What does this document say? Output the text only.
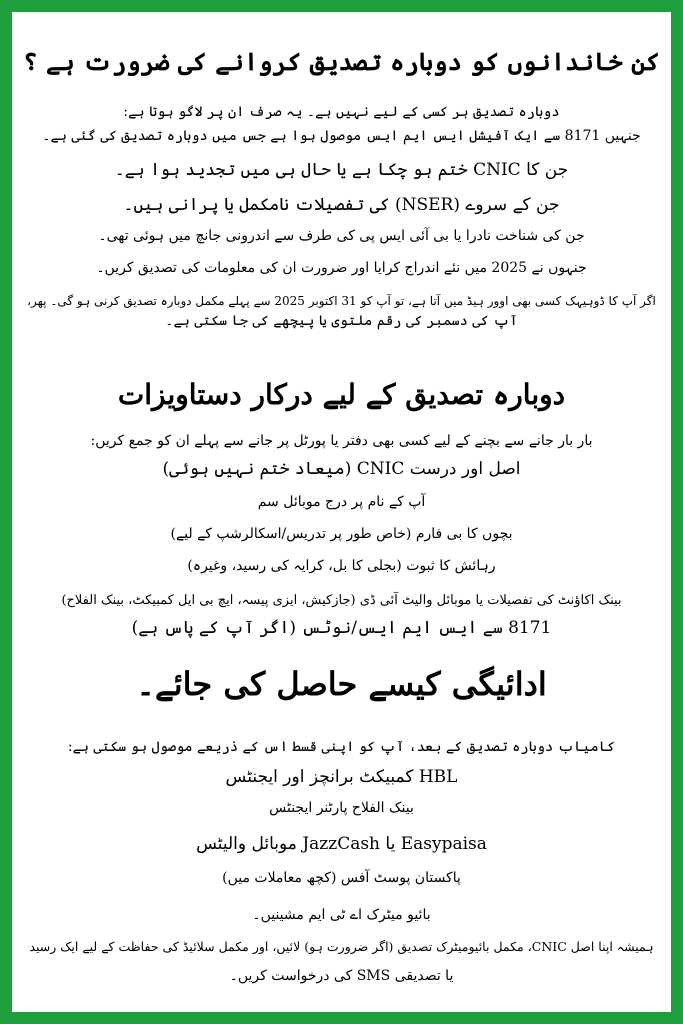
کن خاندانوں کو دوبارہ تصدیق کروانے کی ضرورت ہے ؟
دوبارہ تصدیق ہر کسی کے لیے نہیں ہے۔ یہ صرف ان پر لاگو ہوتا ہے:
جنہیں 8171 سے ایک آفیشل ایس ایم ایس موصول ہوا ہے جس میں دوبارہ تصدیق کی گئی ہے۔
جن کا CNIC ختم ہو چکا ہے یا حال ہی میں تجدید ہوا ہے۔
جن کے سروے (NSER) کی تفصیلات نامکمل یا پرانی ہیں۔
جن کی شناخت نادرا یا بی آئی ایس پی کی طرف سے اندرونی جانچ میں ہوئی تھی۔
جنہوں نے 2025 میں نئے اندراج کرایا اور ضرورت ان کی معلومات کی تصدیق کریں۔
اگر آپ کا ڈوہیہک کسی بھی اوور ہیڈ میں آتا ہے، تو آپ کو 31 اکتوبر 2025 سے پہلے مکمل دوبارہ تصدیق کرنی ہو گی۔ پھر،
آپ کی دسمبر کی رقم ملتوی یا پیچھے کی جا سکتی ہے۔
دوبارہ تصدیق کے لیے درکار دستاویزات
بار بار جانے سے بچنے کے لیے کسی بھی دفتر یا پورٹل پر جانے سے پہلے ان کو جمع کریں:
اصل اور درست CNIC (میعاد ختم نہیں ہوئی)
آپ کے نام پر درج موبائل سم
بچوں کا بی فارم (خاص طور پر تدریس/اسکالرشپ کے لیے)
رہائش کا ثبوت (بجلی کا بل، کرایہ کی رسید، وغیرہ)
بینک اکاؤنٹ کی تفصیلات یا موبائل والیٹ آئی ڈی (جازکیش، ایزی پیسہ، ایچ بی ایل کمبیکٹ، بینک الفلاح)
8171 سے ایس ایم ایس/نوٹس (اگر آپ کے پاس ہے)
ادائیگی کیسے حاصل کی جائے۔
کامیاب دوبارہ تصدیق کے بعد، آپ کو اپنی قسط اس کے ذریعے موصول ہو سکتی ہے:
HBL کمبیکٹ برانچز اور ایجنٹس
بینک الفلاح پارٹنر ایجنٹس
Easypaisa یا JazzCash موبائل والیٹس
پاکستان پوسٹ آفس (کچھ معاملات میں)
بائیو میٹرک اے ٹی ایم مشینیں۔
ہمیشہ اپنا اصل CNIC، مکمل بائیومیٹرک تصدیق (اگر ضرورت ہو) لائیں، اور مکمل سلائیڈ کی حفاظت کے لیے ایک رسید
یا تصدیقی SMS کی درخواست کریں۔
